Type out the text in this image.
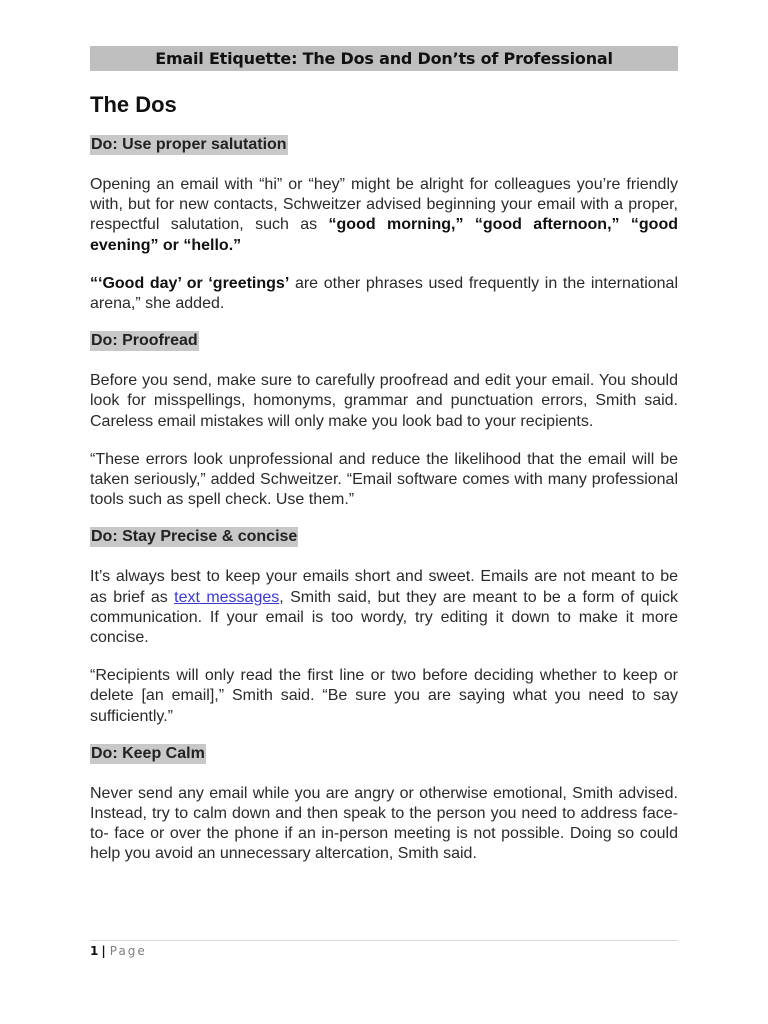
Email Etiquette: The Dos and Don’ts of Professional
The Dos
Do: Use proper salutation

Opening an email with “hi” or “hey” might be alright for colleagues you’re friendly with, but for new contacts, Schweitzer advised beginning your email with a proper, respectful salutation, such as “good morning,” “good afternoon,” “good evening” or “hello.”

“‘Good day’ or ‘greetings’ are other phrases used frequently in the international arena,” she added.

Do: Proofread

Before you send, make sure to carefully proofread and edit your email. You should look for misspellings, homonyms, grammar and punctuation errors, Smith said. Careless email mistakes will only make you look bad to your recipients.

“These errors look unprofessional and reduce the likelihood that the email will be taken seriously,” added Schweitzer. “Email software comes with many professional tools such as spell check. Use them.”

Do: Stay Precise & concise

It’s always best to keep your emails short and sweet. Emails are not meant to be as brief as text messages, Smith said, but they are meant to be a form of quick communication. If your email is too wordy, try editing it down to make it more concise.

“Recipients will only read the first line or two before deciding whether to keep or delete [an email],” Smith said. “Be sure you are saying what you need to say sufficiently.”

Do: Keep Calm

Never send any email while you are angry or otherwise emotional, Smith advised. Instead, try to calm down and then speak to the person you need to address face-to- face or over the phone if an in-person meeting is not possible. Doing so could help you avoid an unnecessary altercation, Smith said.

1 | Page
